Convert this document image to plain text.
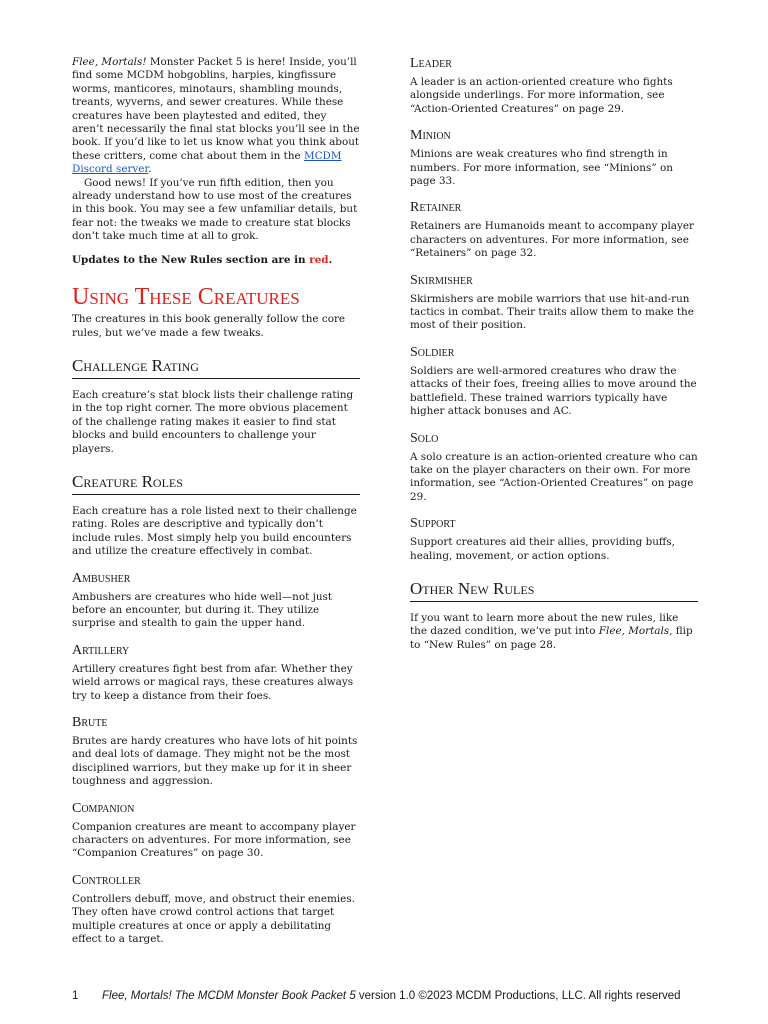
Flee, Mortals! Monster Packet 5 is here! Inside, you’ll find some MCDM hobgoblins, harpies, kingfissure worms, manticores, minotaurs, shambling mounds, treants, wyverns, and sewer creatures. While these creatures have been playtested and edited, they aren’t necessarily the final stat blocks you’ll see in the book. If you’d like to let us know what you think about these critters, come chat about them in the MCDM Discord server.

Good news! If you’ve run fifth edition, then you already understand how to use most of the creatures in this book. You may see a few unfamiliar details, but fear not: the tweaks we made to creature stat blocks don’t take much time at all to grok.

Updates to the New Rules section are in red.

Using These Creatures

The creatures in this book generally follow the core rules, but we’ve made a few tweaks.

Challenge Rating

Each creature’s stat block lists their challenge rating in the top right corner. The more obvious placement of the challenge rating makes it easier to find stat blocks and build encounters to challenge your players.

Creature Roles

Each creature has a role listed next to their challenge rating. Roles are descriptive and typically don’t include rules. Most simply help you build encounters and utilize the creature effectively in combat.

Ambusher

Ambushers are creatures who hide well—not just before an encounter, but during it. They utilize surprise and stealth to gain the upper hand.

Artillery

Artillery creatures fight best from afar. Whether they wield arrows or magical rays, these creatures always try to keep a distance from their foes.

Brute

Brutes are hardy creatures who have lots of hit points and deal lots of damage. They might not be the most disciplined warriors, but they make up for it in sheer toughness and aggression.

Companion

Companion creatures are meant to accompany player characters on adventures. For more information, see “Companion Creatures” on page 30.

Controller

Controllers debuff, move, and obstruct their enemies. They often have crowd control actions that target multiple creatures at once or apply a debilitating effect to a target.

Leader

A leader is an action-oriented creature who fights alongside underlings. For more information, see “Action-Oriented Creatures” on page 29.

Minion

Minions are weak creatures who find strength in numbers. For more information, see “Minions” on page 33.

Retainer

Retainers are Humanoids meant to accompany player characters on adventures. For more information, see “Retainers” on page 32.

Skirmisher

Skirmishers are mobile warriors that use hit-and-run tactics in combat. Their traits allow them to make the most of their position.

Soldier

Soldiers are well-armored creatures who draw the attacks of their foes, freeing allies to move around the battlefield. These trained warriors typically have higher attack bonuses and AC.

Solo

A solo creature is an action-oriented creature who can take on the player characters on their own. For more information, see “Action-Oriented Creatures” on page 29.

Support

Support creatures aid their allies, providing buffs, healing, movement, or action options.

Other New Rules

If you want to learn more about the new rules, like the dazed condition, we’ve put into Flee, Mortals, flip to “New Rules” on page 28.

1 Flee, Mortals! The MCDM Monster Book Packet 5 version 1.0 ©2023 MCDM Productions, LLC. All rights reserved
